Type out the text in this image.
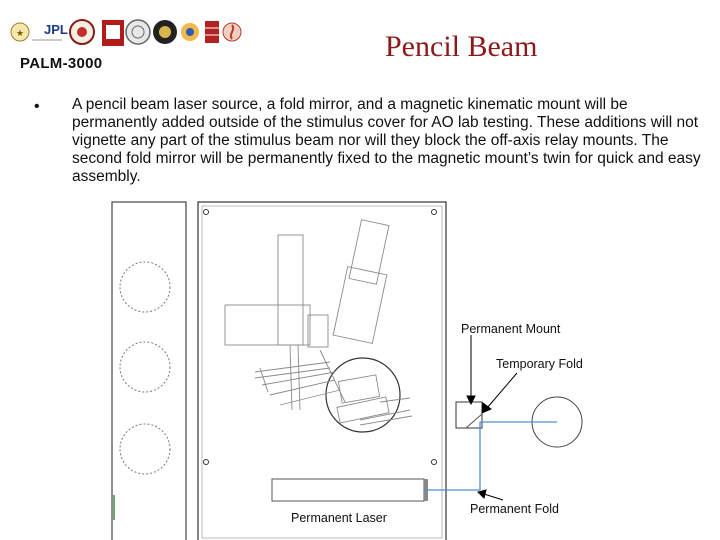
★ JPL
PALM-3000
Pencil Beam
• A pencil beam laser source, a fold mirror, and a magnetic kinematic mount will be permanently added outside of the stimulus cover for AO lab testing. These additions will not vignette any part of the stimulus beam nor will they block the off-axis relay mounts. The second fold mirror will be permanently fixed to the magnetic mount’s twin for quick and easy assembly.

Permanent Mount
Temporary Fold
Permanent Laser
Permanent Fold
